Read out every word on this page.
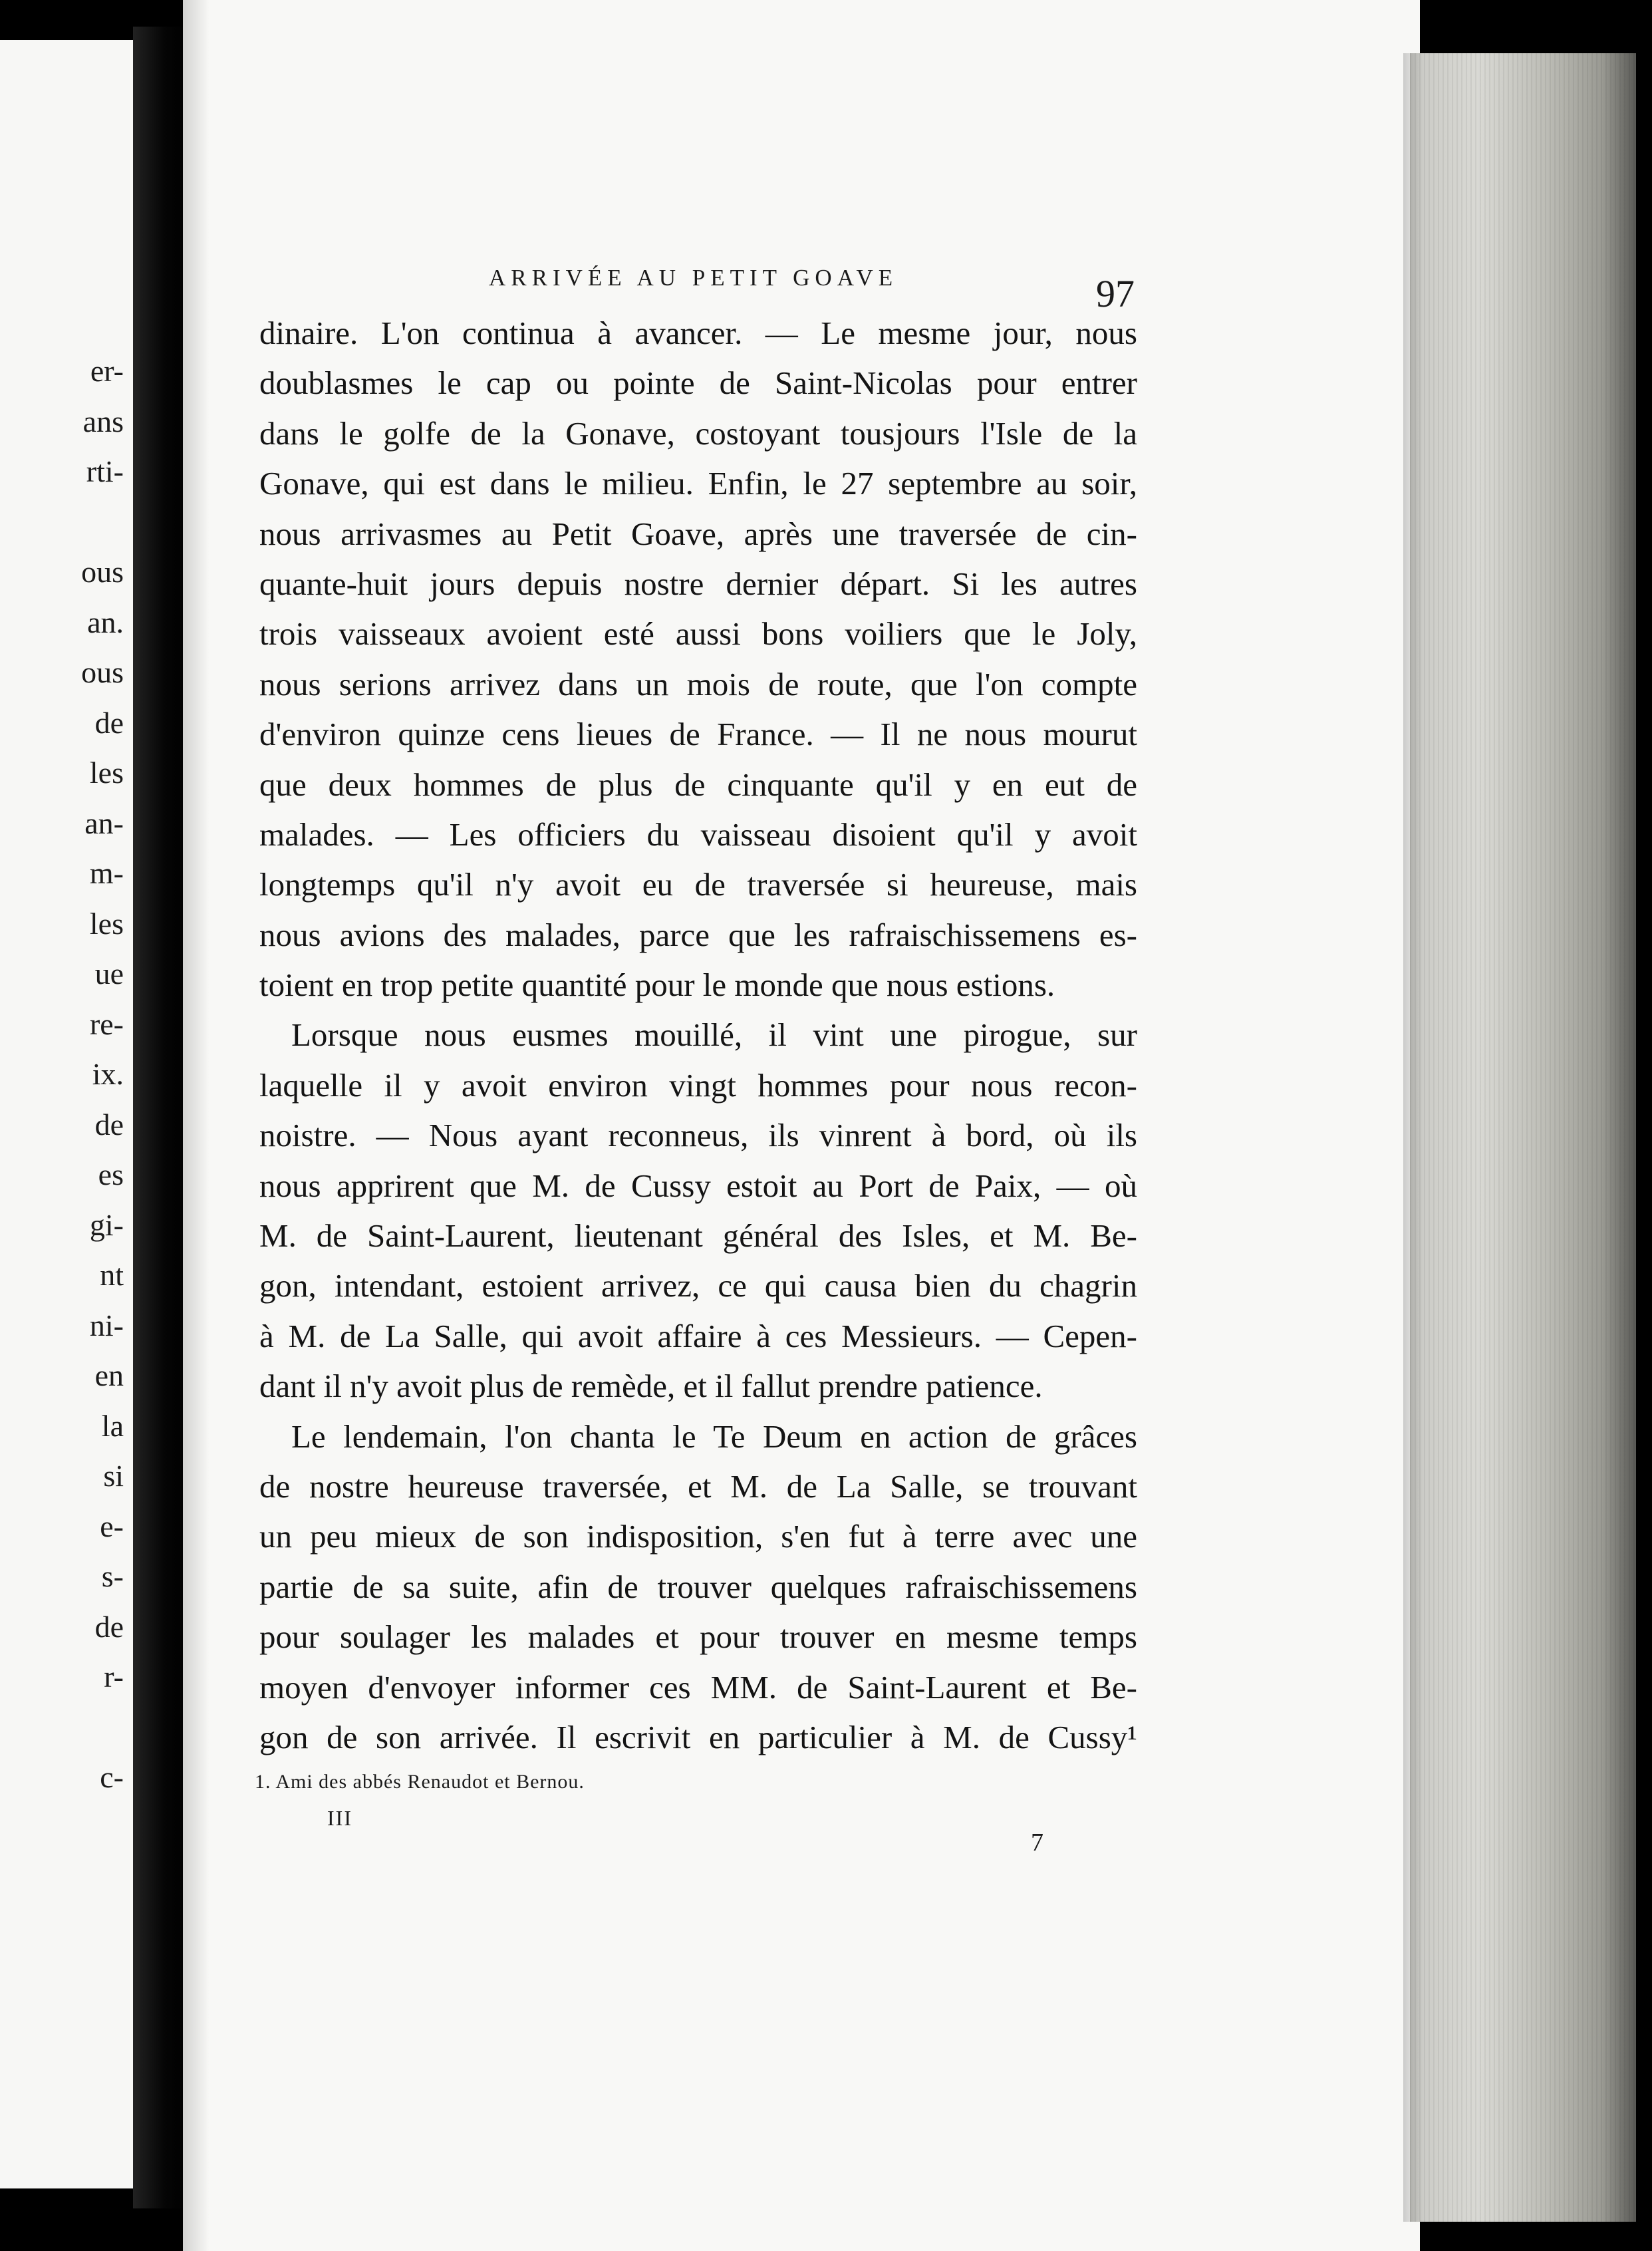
er-
ans
rti-
ous
an.
ous
de
les
an-
m-
les
ue
re-
ix.
de
es
gi-
nt
ni-
en
la
si
e-
s-
de
r-
c-
ARRIVÉE AU PETIT GOAVE	97
dinaire. L'on continua à avancer. — Le mesme jour, nous
doublasmes le cap ou pointe de Saint-Nicolas pour entrer
dans le golfe de la Gonave, costoyant tousjours l'Isle de la
Gonave, qui est dans le milieu. Enfin, le 27 septembre au soir,
nous arrivasmes au Petit Goave, après une traversée de cin-
quante-huit jours depuis nostre dernier départ. Si les autres
trois vaisseaux avoient esté aussi bons voiliers que le Joly,
nous serions arrivez dans un mois de route, que l'on compte
d'environ quinze cens lieues de France. — Il ne nous mourut
que deux hommes de plus de cinquante qu'il y en eut de
malades. — Les officiers du vaisseau disoient qu'il y avoit
longtemps qu'il n'y avoit eu de traversée si heureuse, mais
nous avions des malades, parce que les rafraischissemens es-
toient en trop petite quantité pour le monde que nous estions.
Lorsque nous eusmes mouillé, il vint une pirogue, sur
laquelle il y avoit environ vingt hommes pour nous recon-
noistre. — Nous ayant reconneus, ils vinrent à bord, où ils
nous apprirent que M. de Cussy estoit au Port de Paix, — où
M. de Saint-Laurent, lieutenant général des Isles, et M. Be-
gon, intendant, estoient arrivez, ce qui causa bien du chagrin
à M. de La Salle, qui avoit affaire à ces Messieurs. — Cepen-
dant il n'y avoit plus de remède, et il fallut prendre patience.
Le lendemain, l'on chanta le Te Deum en action de grâces
de nostre heureuse traversée, et M. de La Salle, se trouvant
un peu mieux de son indisposition, s'en fut à terre avec une
partie de sa suite, afin de trouver quelques rafraischissemens
pour soulager les malades et pour trouver en mesme temps
moyen d'envoyer informer ces MM. de Saint-Laurent et Be-
gon de son arrivée. Il escrivit en particulier à M. de Cussy¹
1. Ami des abbés Renaudot et Bernou.
III
7
